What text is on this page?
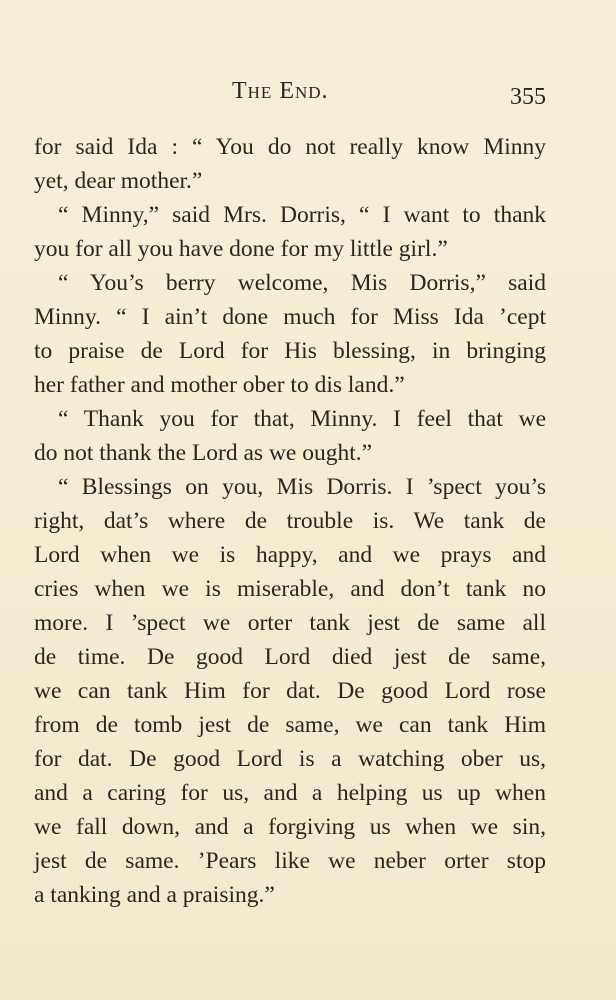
The End.	355
for said Ida : “ You do not really know Minny
yet, dear mother.”
“ Minny,” said Mrs. Dorris, “ I want to thank
you for all you have done for my little girl.”
“ You’s berry welcome, Mis Dorris,” said
Minny. “ I ain’t done much for Miss Ida ’cept
to praise de Lord for His blessing, in bringing
her father and mother ober to dis land.”
“ Thank you for that, Minny. I feel that we
do not thank the Lord as we ought.”
“ Blessings on you, Mis Dorris. I ’spect you’s
right, dat’s where de trouble is. We tank de
Lord when we is happy, and we prays and
cries when we is miserable, and don’t tank no
more. I ’spect we orter tank jest de same all
de time. De good Lord died jest de same,
we can tank Him for dat. De good Lord rose
from de tomb jest de same, we can tank Him
for dat. De good Lord is a watching ober us,
and a caring for us, and a helping us up when
we fall down, and a forgiving us when we sin,
jest de same. ’Pears like we neber orter stop
a tanking and a praising.”
